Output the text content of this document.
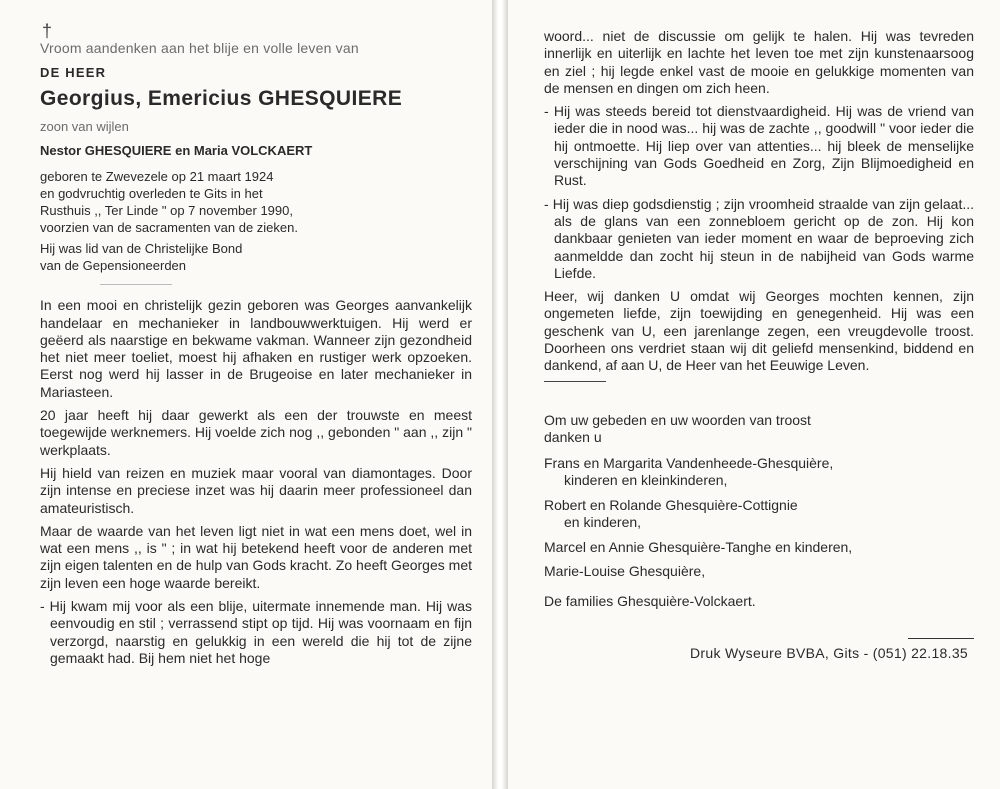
†
Vroom aandenken aan het blije en volle leven van
DE HEER
Georgius, Emericius GHESQUIERE
zoon van wijlen
Nestor GHESQUIERE en Maria VOLCKAERT
geboren te Zwevezele op 21 maart 1924
en godvruchtig overleden te Gits in het
Rusthuis ,, Ter Linde " op 7 november 1990,
voorzien van de sacramenten van de zieken.
Hij was lid van de Christelijke Bond
van de Gepensioneerden

In een mooi en christelijk gezin geboren was Georges aanvankelijk handelaar en mechanieker in landbouwwerktuigen. Hij werd er geëerd als naarstige en bekwame vakman. Wanneer zijn gezondheid het niet meer toeliet, moest hij afhaken en rustiger werk opzoeken. Eerst nog werd hij lasser in de Brugeoise en later mechanieker in Mariasteen.

20 jaar heeft hij daar gewerkt als een der trouwste en meest toegewijde werknemers. Hij voelde zich nog ,, gebonden " aan ,, zijn " werkplaats.

Hij hield van reizen en muziek maar vooral van diamontages. Door zijn intense en preciese inzet was hij daarin meer professioneel dan amateuristisch.

Maar de waarde van het leven ligt niet in wat een mens doet, wel in wat een mens ,, is " ; in wat hij betekend heeft voor de anderen met zijn eigen talenten en de hulp van Gods kracht. Zo heeft Georges met zijn leven een hoge waarde bereikt.

- Hij kwam mij voor als een blije, uitermate innemende man. Hij was eenvoudig en stil ; verrassend stipt op tijd. Hij was voornaam en fijn verzorgd, naarstig en gelukkig in een wereld die hij tot de zijne gemaakt had. Bij hem niet het hoge

woord... niet de discussie om gelijk te halen. Hij was tevreden innerlijk en uiterlijk en lachte het leven toe met zijn kunstenaarsoog en ziel ; hij legde enkel vast de mooie en gelukkige momenten van de mensen en dingen om zich heen.

- Hij was steeds bereid tot dienstvaardigheid. Hij was de vriend van ieder die in nood was... hij was de zachte ,, goodwill " voor ieder die hij ontmoette. Hij liep over van attenties... hij bleek de menselijke verschijning van Gods Goedheid en Zorg, Zijn Blijmoedigheid en Rust.

- Hij was diep godsdienstig ; zijn vroomheid straalde van zijn gelaat... als de glans van een zonnebloem gericht op de zon. Hij kon dankbaar genieten van ieder moment en waar de beproeving zich aanmeldde dan zocht hij steun in de nabijheid van Gods warme Liefde.

Heer, wij danken U omdat wij Georges mochten kennen, zijn ongemeten liefde, zijn toewijding en genegenheid. Hij was een geschenk van U, een jarenlange zegen, een vreugdevolle troost. Doorheen ons verdriet staan wij dit geliefd mensenkind, biddend en dankend, af aan U, de Heer van het Eeuwige Leven.

Om uw gebeden en uw woorden van troost
danken u
Frans en Margarita Vandenheede-Ghesquière,
kinderen en kleinkinderen,
Robert en Rolande Ghesquière-Cottignie
en kinderen,
Marcel en Annie Ghesquière-Tanghe en kinderen,
Marie-Louise Ghesquière,
De families Ghesquière-Volckaert.
Druk Wyseure BVBA, Gits - (051) 22.18.35
